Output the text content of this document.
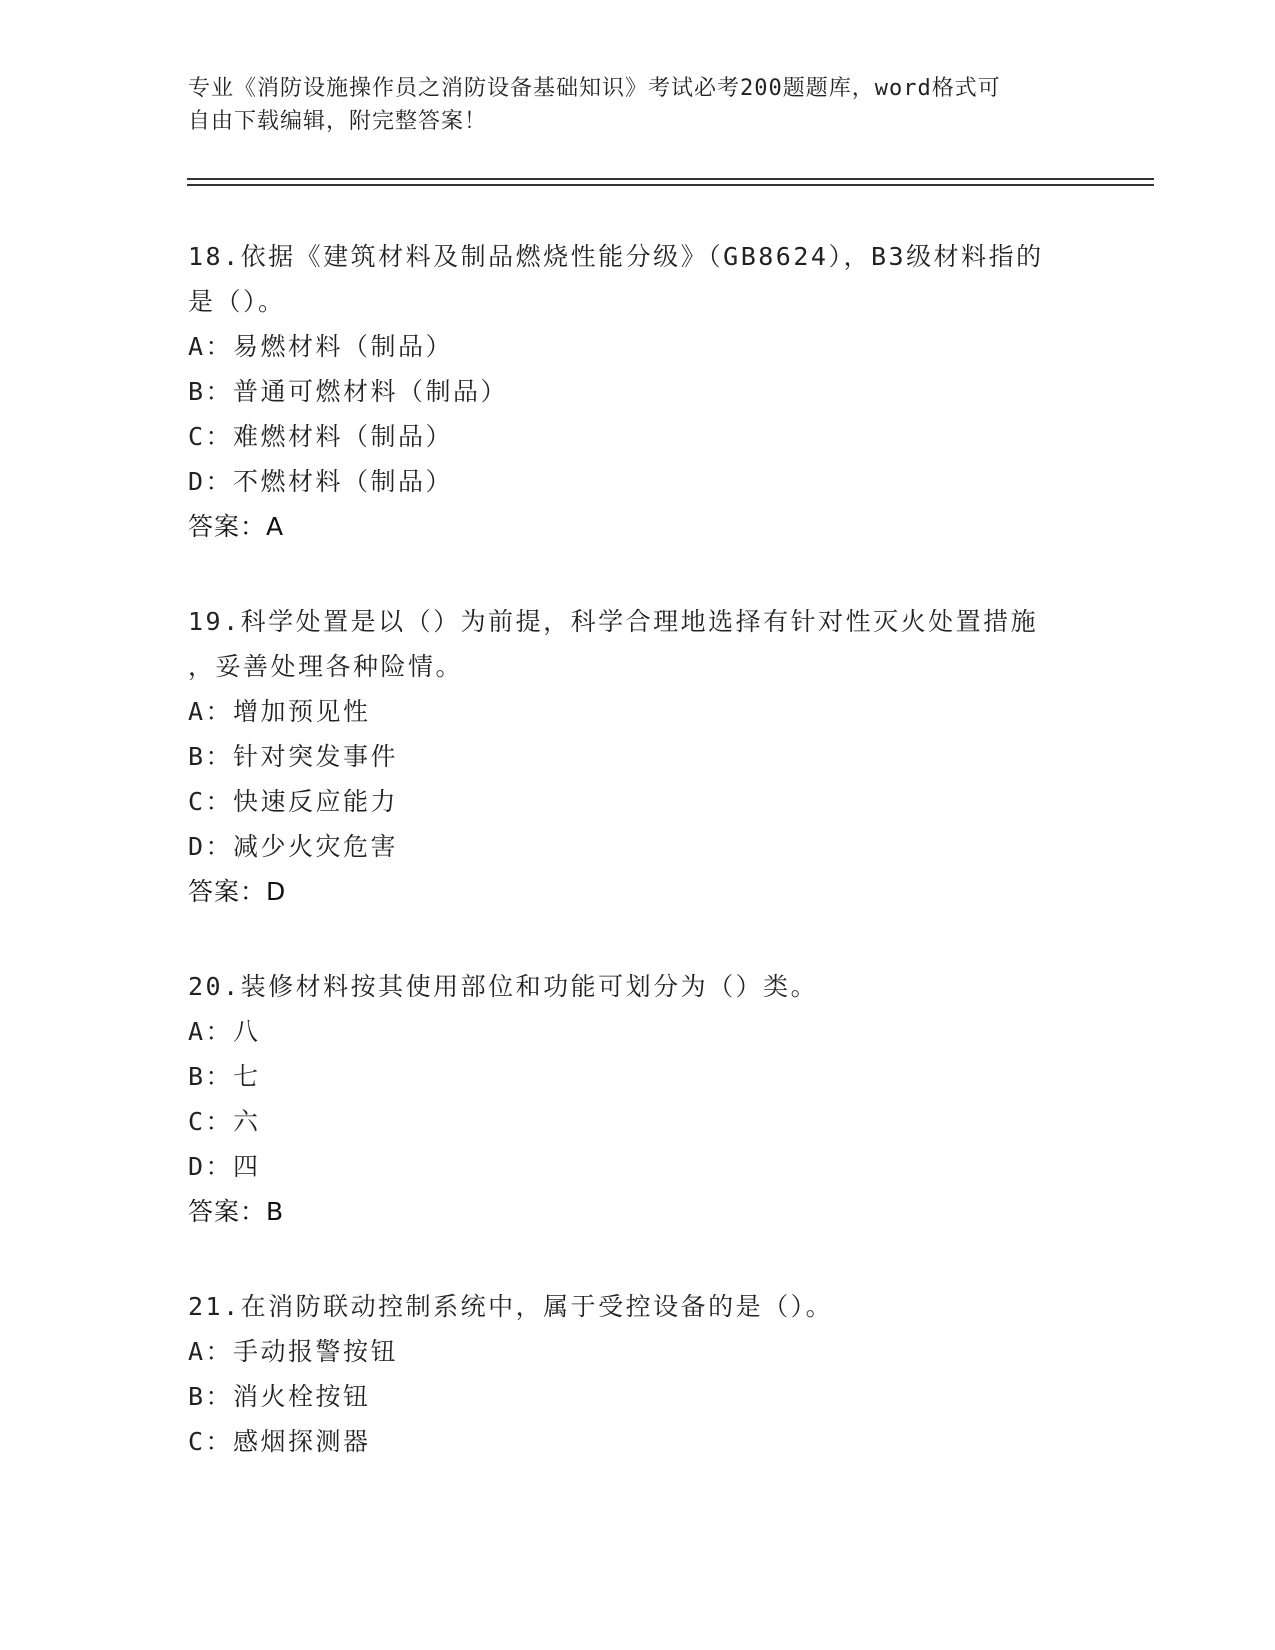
专业《消防设施操作员之消防设备基础知识》考试必考200题题库，word格式可
自由下载编辑，附完整答案！
18.依据《建筑材料及制品燃烧性能分级》（GB8624），B3级材料指的
是（）。
A：易燃材料（制品）
B：普通可燃材料（制品）
C：难燃材料（制品）
D：不燃材料（制品）
答案：A
19.科学处置是以（）为前提，科学合理地选择有针对性灭火处置措施
，妥善处理各种险情。
A：增加预见性
B：针对突发事件
C：快速反应能力
D：减少火灾危害
答案：D
20.装修材料按其使用部位和功能可划分为（）类。
A：八
B：七
C：六
D：四
答案：B
21.在消防联动控制系统中，属于受控设备的是（）。
A：手动报警按钮
B：消火栓按钮
C：感烟探测器
